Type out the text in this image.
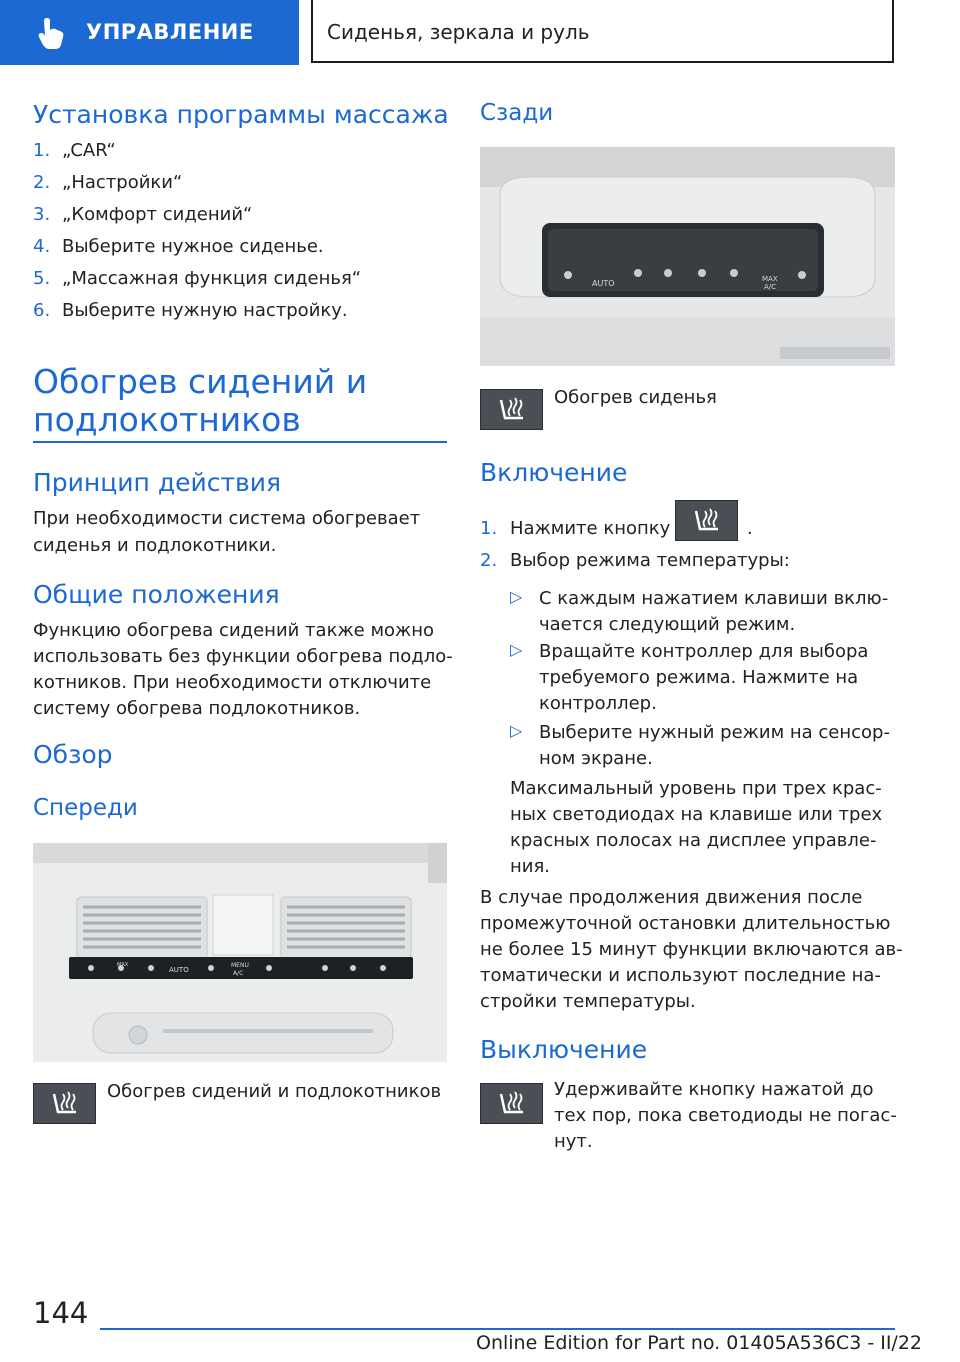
УПРАВЛЕНИЕ	Сиденья, зеркала и руль
Установка программы массажа
1. „CAR“
2. „Настройки“
3. „Комфорт сидений“
4. Выберите нужное сиденье.
5. „Массажная функция сиденья“
6. Выберите нужную настройку.
Обогрев сидений и
подлокотников
Принцип действия
При необходимости система обогревает
сиденья и подлокотники.
Общие положения
Функцию обогрева сидений также можно
использовать без функции обогрева подло-
котников. При необходимости отключите
систему обогрева подлокотников.
Обзор
Спереди
AUTO
MENU
A/C
MAX
Обогрев сидений и подлокотников
Сзади
AUTO	MAX
A/C
Обогрев сиденья
Включение
1. Нажмите кнопку	.
2. Выбор режима температуры:
▷ С каждым нажатием клавиши вклю-
чается следующий режим.
▷ Вращайте контроллер для выбора
требуемого режима. Нажмите на
контроллер.
▷ Выберите нужный режим на сенсор-
ном экране.
Максимальный уровень при трех крас-
ных светодиодах на клавише или трех
красных полосах на дисплее управле-
ния.
В случае продолжения движения после
промежуточной остановки длительностью
не более 15 минут функции включаются ав-
томатически и используют последние на-
стройки температуры.
Выключение
Удерживайте кнопку нажатой до
тех пор, пока светодиоды не погас-
нут.
144
Online Edition for Part no. 01405A536C3 - II/22
